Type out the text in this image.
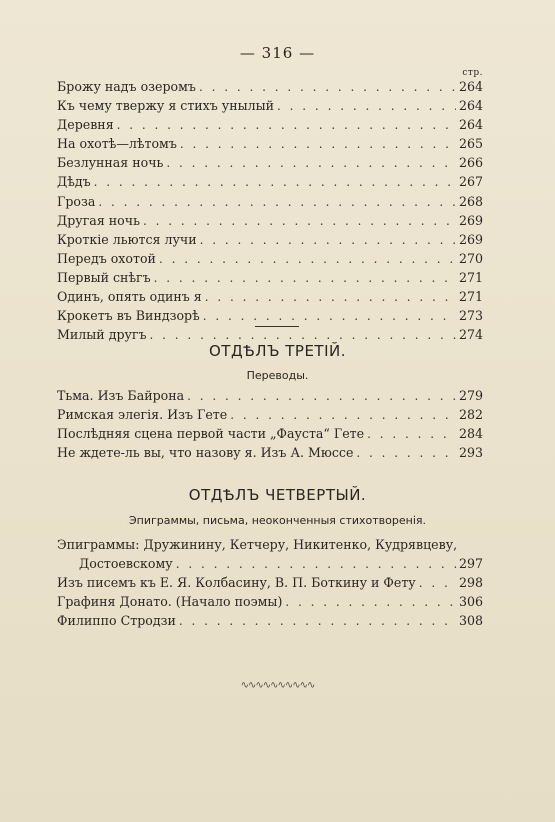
— 316 —
стр.
Брожу надъ озеромъ . . .	264
Къ чему твержу я стихъ унылый . . .	264
Деревня . . .	264
На охотѣ—лѣтомъ . . .	265
Безлунная ночь . . .	266
Дѣдъ . . .	267
Гроза . . .	268
Другая ночь . . .	269
Кроткіе льются лучи . . .	269
Передъ охотой . . .	270
Первый снѣгъ . . .	271
Одинъ, опять одинъ я . . .	271
Крокетъ въ Виндзорѣ . . .	273
Милый другъ . . .	274
ОТДѢЛЪ ТРЕТІЙ.
Переводы.
Тьма. Изъ Байрона . . .	279
Римская элегія. Изъ Гете . . .	282
Послѣдняя сцена первой части „Фауста“ Гете . . .	284
Не ждете-ль вы, что назову я. Изъ А. Мюссе . . .	293
ОТДѢЛЪ ЧЕТВЕРТЫЙ.
Эпиграммы, письма, неоконченныя стихотворенія.
Эпиграммы: Дружинину, Кетчеру, Никитенко, Кудрявцеву,
Достоевскому . . .	297
Изъ писемъ къ Е. Я. Колбасину, В. П. Боткину и Фету . . .	298
Графиня Донато. (Начало поэмы) . . .	306
Филиппо Стродзи . . .	308
∿∿∿∿∿∿∿∿∿∿
